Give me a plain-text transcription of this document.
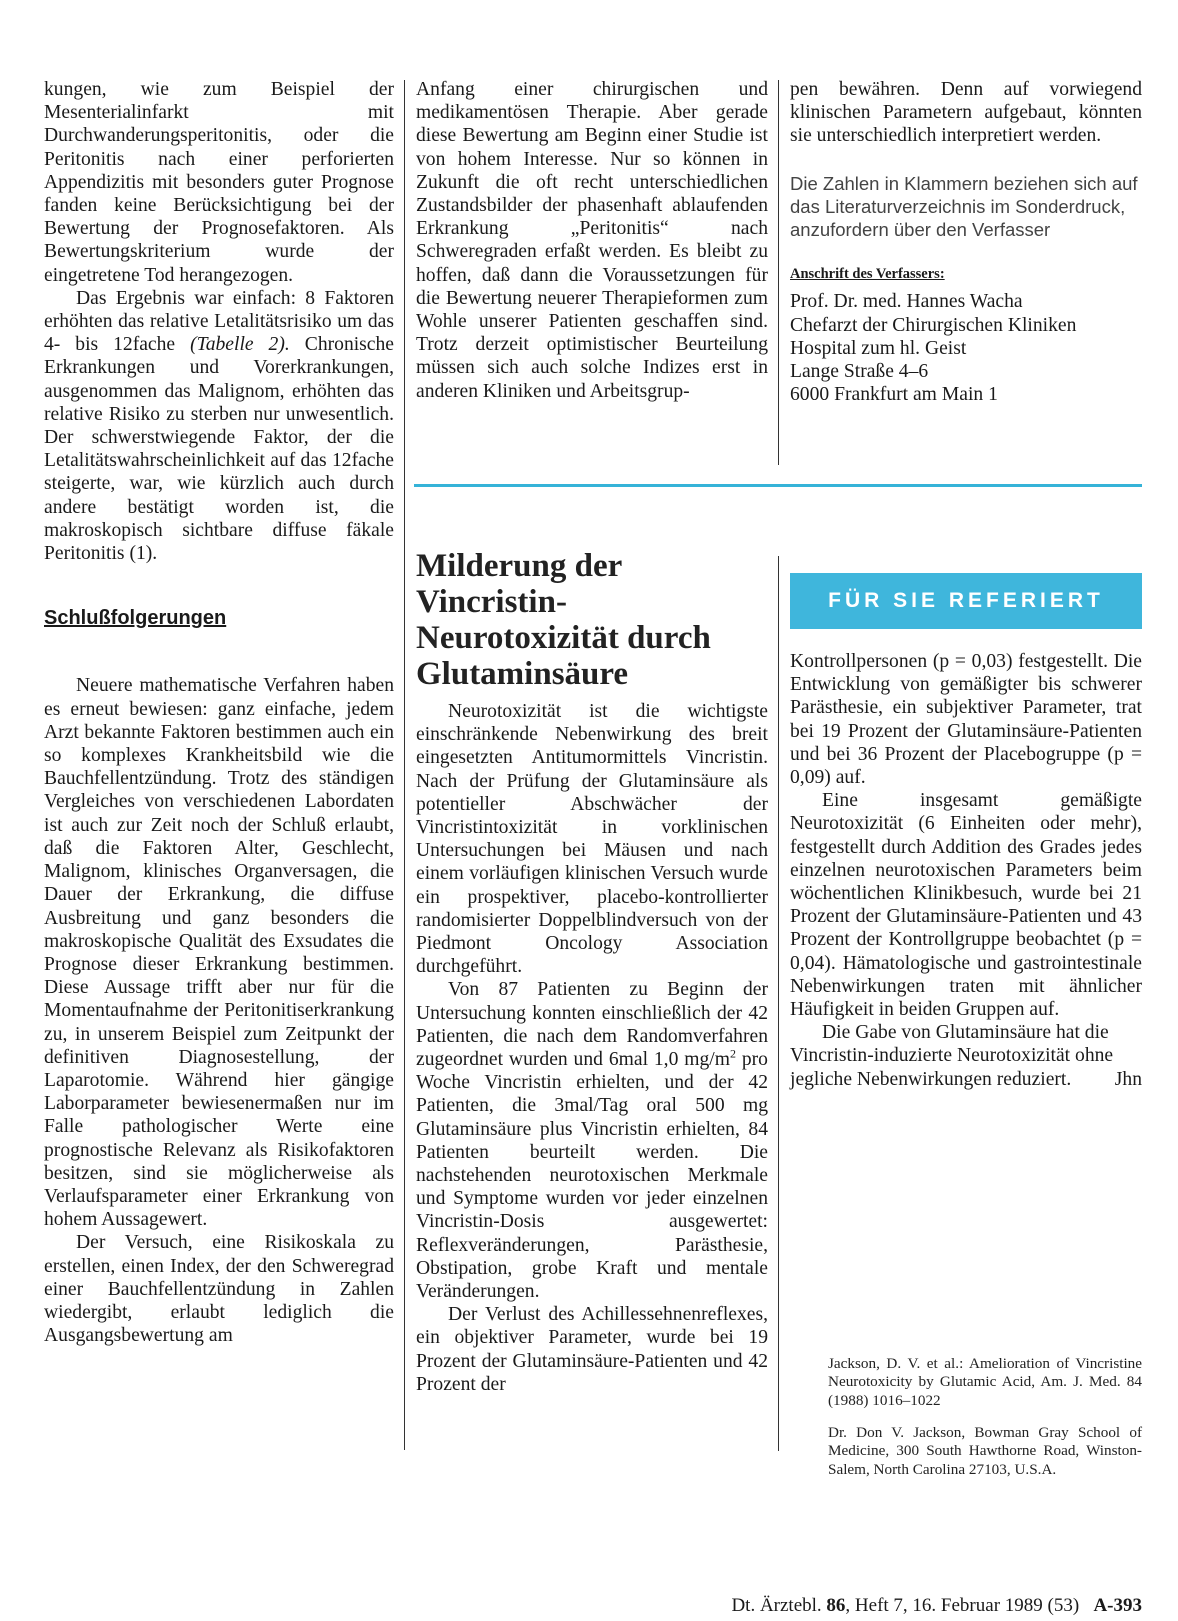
kungen, wie zum Beispiel der Mesenterialinfarkt mit Durchwanderungsperitonitis, oder die Peritonitis nach einer perforierten Appendizitis mit besonders guter Prognose fanden keine Berücksichtigung bei der Bewertung der Prognosefaktoren. Als Bewertungskriterium wurde der eingetretene Tod herangezogen.

Das Ergebnis war einfach: 8 Faktoren erhöhten das relative Letalitätsrisiko um das 4- bis 12fache (Tabelle 2). Chronische Erkrankungen und Vorerkrankungen, ausgenommen das Malignom, erhöhten das relative Risiko zu sterben nur unwesentlich. Der schwerstwiegende Faktor, der die Letalitätswahrscheinlichkeit auf das 12fache steigerte, war, wie kürzlich auch durch andere bestätigt worden ist, die makroskopisch sichtbare diffuse fäkale Peritonitis (1).

Schlußfolgerungen

Neuere mathematische Verfahren haben es erneut bewiesen: ganz einfache, jedem Arzt bekannte Faktoren bestimmen auch ein so komplexes Krankheitsbild wie die Bauchfellentzündung. Trotz des ständigen Vergleiches von verschiedenen Labordaten ist auch zur Zeit noch der Schluß erlaubt, daß die Faktoren Alter, Geschlecht, Malignom, klinisches Organversagen, die Dauer der Erkrankung, die diffuse Ausbreitung und ganz besonders die makroskopische Qualität des Exsudates die Prognose dieser Erkrankung bestimmen. Diese Aussage trifft aber nur für die Momentaufnahme der Peritonitiserkrankung zu, in unserem Beispiel zum Zeitpunkt der definitiven Diagnosestellung, der Laparotomie. Während hier gängige Laborparameter bewiesenermaßen nur im Falle pathologischer Werte eine prognostische Relevanz als Risikofaktoren besitzen, sind sie möglicherweise als Verlaufsparameter einer Erkrankung von hohem Aussagewert.

Der Versuch, eine Risikoskala zu erstellen, einen Index, der den Schweregrad einer Bauchfellentzündung in Zahlen wiedergibt, erlaubt lediglich die Ausgangsbewertung am

Anfang einer chirurgischen und medikamentösen Therapie. Aber gerade diese Bewertung am Beginn einer Studie ist von hohem Interesse. Nur so können in Zukunft die oft recht unterschiedlichen Zustandsbilder der phasenhaft ablaufenden Erkrankung „Peritonitis“ nach Schweregraden erfaßt werden. Es bleibt zu hoffen, daß dann die Voraussetzungen für die Bewertung neuerer Therapieformen zum Wohle unserer Patienten geschaffen sind. Trotz derzeit optimistischer Beurteilung müssen sich auch solche Indizes erst in anderen Kliniken und Arbeitsgrup-

pen bewähren. Denn auf vorwiegend klinischen Parametern aufgebaut, könnten sie unterschiedlich interpretiert werden.

Die Zahlen in Klammern beziehen sich auf das Literaturverzeichnis im Sonderdruck, anzufordern über den Verfasser

Anschrift des Verfassers:

Prof. Dr. med. Hannes Wacha

Chefarzt der Chirurgischen Kliniken

Hospital zum hl. Geist

Lange Straße 4–6

6000 Frankfurt am Main 1

Milderung der
Vincristin-
Neurotoxizität durch
Glutaminsäure
FÜR SIE REFERIERT

Neurotoxizität ist die wichtigste einschränkende Nebenwirkung des breit eingesetzten Antitumormittels Vincristin. Nach der Prüfung der Glutaminsäure als potentieller Abschwächer der Vincristintoxizität in vorklinischen Untersuchungen bei Mäusen und nach einem vorläufigen klinischen Versuch wurde ein prospektiver, placebo-kontrollierter randomisierter Doppelblindversuch von der Piedmont Oncology Association durchgeführt.

Von 87 Patienten zu Beginn der Untersuchung konnten einschließlich der 42 Patienten, die nach dem Randomverfahren zugeordnet wurden und 6mal 1,0 $mg/m^2$ pro Woche Vincristin erhielten, und der 42 Patienten, die 3mal/Tag oral 500 mg Glutaminsäure plus Vincristin erhielten, 84 Patienten beurteilt werden. Die nachstehenden neurotoxischen Merkmale und Symptome wurden vor jeder einzelnen Vincristin-Dosis ausgewertet: Reflexveränderungen, Parästhesie, Obstipation, grobe Kraft und mentale Veränderungen.

Der Verlust des Achillessehnenreflexes, ein objektiver Parameter, wurde bei 19 Prozent der Glutaminsäure-Patienten und 42 Prozent der

Kontrollpersonen (p = 0,03) festgestellt. Die Entwicklung von gemäßigter bis schwerer Parästhesie, ein subjektiver Parameter, trat bei 19 Prozent der Glutaminsäure-Patienten und bei 36 Prozent der Placebogruppe (p = 0,09) auf.

Eine insgesamt gemäßigte Neurotoxizität (6 Einheiten oder mehr), festgestellt durch Addition des Grades jedes einzelnen neurotoxischen Parameters beim wöchentlichen Klinikbesuch, wurde bei 21 Prozent der Glutaminsäure-Patienten und 43 Prozent der Kontrollgruppe beobachtet (p = 0,04). Hämatologische und gastrointestinale Nebenwirkungen traten mit ähnlicher Häufigkeit in beiden Gruppen auf.

Die Gabe von Glutaminsäure hat die Vincristin-induzierte Neurotoxizität ohne jegliche Nebenwirkungen reduziert.	Jhn

Jackson, D. V. et al.: Amelioration of Vincristine Neurotoxicity by Glutamic Acid, Am. J. Med. 84 (1988) 1016–1022
Dr. Don V. Jackson, Bowman Gray School of Medicine, 300 South Hawthorne Road, Winston-Salem, North Carolina 27103, U.S.A.
Dt. Ärztebl. 86, Heft 7, 16. Februar 1989 (53) A-393
